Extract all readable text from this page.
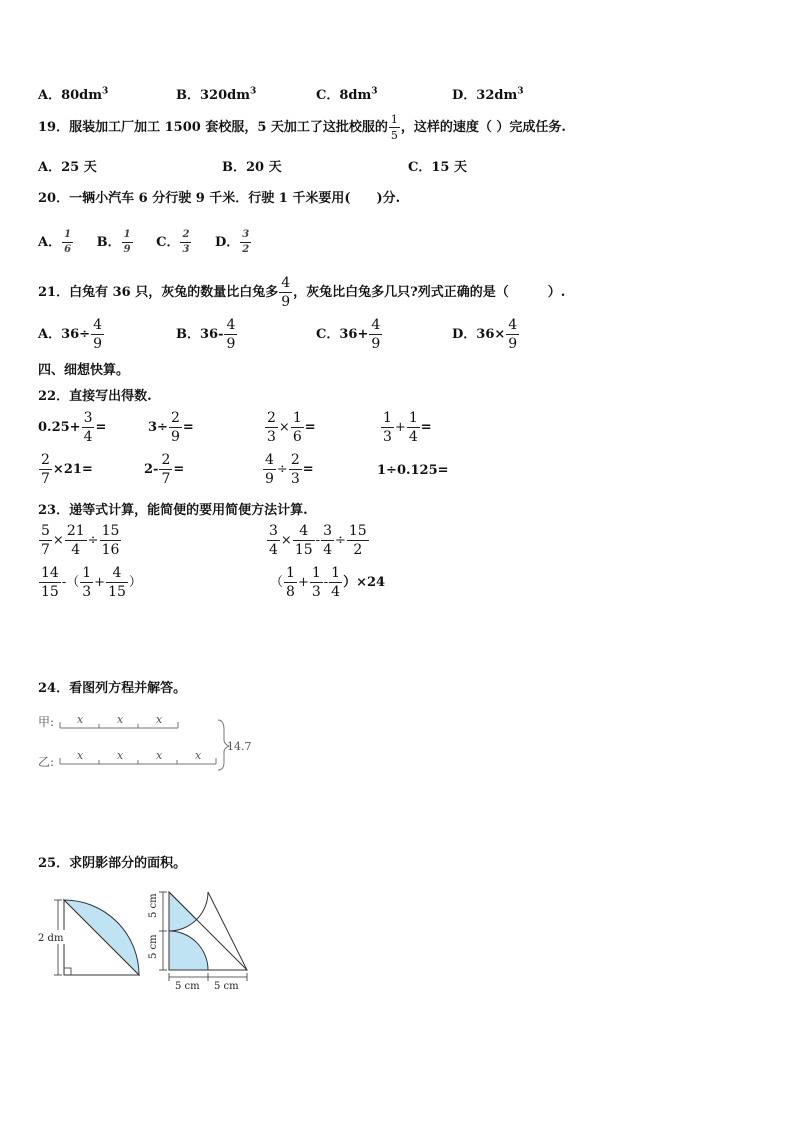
A．$80dm^3$	B．$320dm^3$	C．$8dm^3$	D．$32dm^3$
19．服装加工厂加工 1500 套校服，5 天加工了这批校服的 $\frac{1}{5}$ ，这样的速度（ ）完成任务.
A．25 天	B．20 天	C．15 天
20．一辆小汽车 6 分行驶 9 千米．行驶 1 千米要用(　　)分.
A． $\frac{1}{6}$ B． $\frac{1}{9}$ C． $\frac{2}{3}$ D． $\frac{3}{2}$
21．白兔有 36 只，灰兔的数量比白兔多 $\frac{4}{9}$ ，灰兔比白兔多几只?列式正确的是（　　　）.
A．$36\div \frac{4}{9}$	B．$36- \frac{4}{9}$	C．$36+ \frac{4}{9}$	D．$36\times \frac{4}{9}$
四、细想快算。
22．直接写出得数.
$0.25+ \frac{3}{4}$ =	$3\div \frac{2}{9}$ =	$\frac{2}{3} \times \frac{1}{6}$ =	$\frac{1}{3} + \frac{1}{4}$ =
$\frac{2}{7} \times 21=$	$2- \frac{2}{7}$ =	$\frac{4}{9} \div \frac{2}{3}$ =	1÷0.125=
23．递等式计算，能简便的要用简便方法计算.
$\frac{5}{7} \times \frac{21}{4} \div \frac{15}{16}$	$\frac{3}{4} \times \frac{4}{15} - \frac{3}{4} \div \frac{15}{2}$
$\frac{14}{15}$ -（ $\frac{1}{3} + \frac{4}{15}$ ）	（ $\frac{1}{8} + \frac{1}{3} - \frac{1}{4} )\times 24$
24．看图列方程并解答。
甲: x	x	x
x	x	x	x
乙:
14.7
25．求阴影部分的面积。
2 dm
5 cm
5 cm
5 cm 5 cm
